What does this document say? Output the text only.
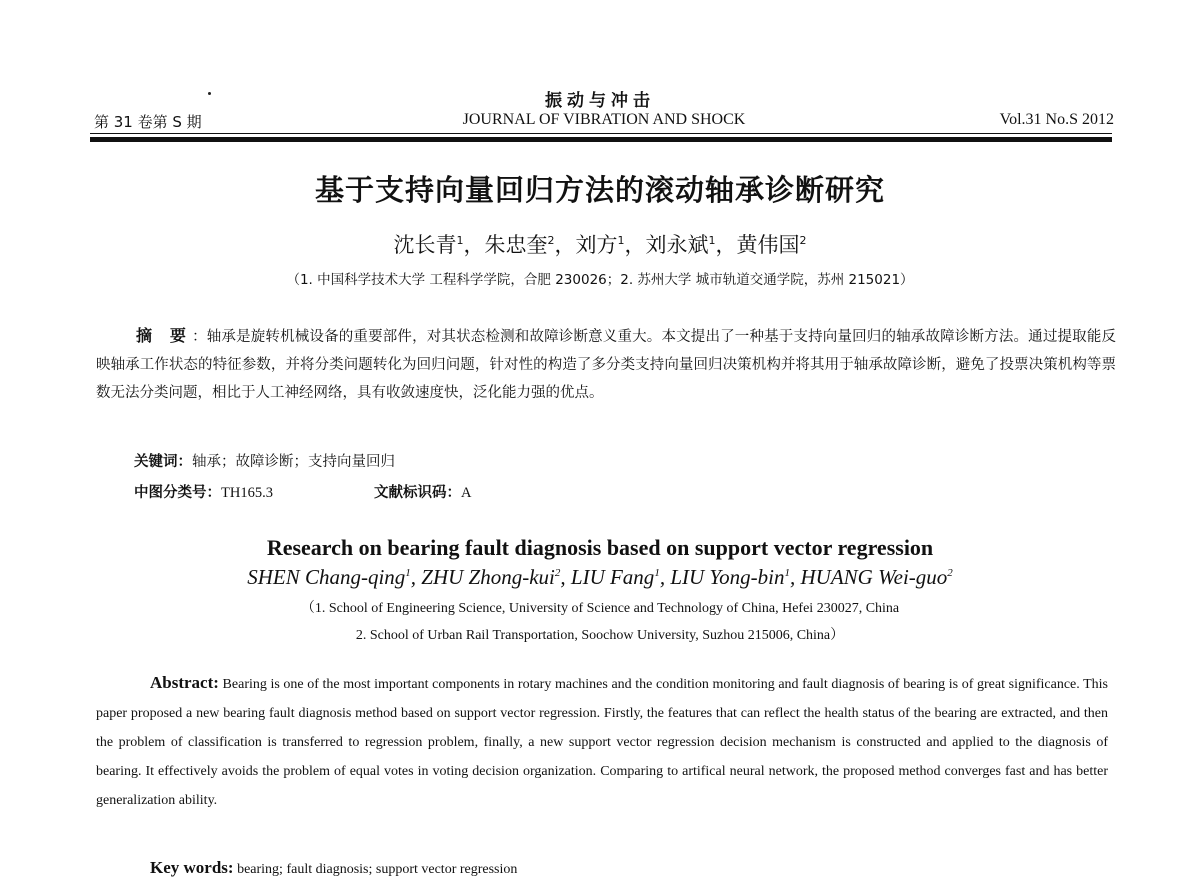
振动与冲击
第 31 卷第 S 期	JOURNAL OF VIBRATION AND SHOCK	Vol.31 No.S 2012
基于支持向量回归方法的滚动轴承诊断研究
沈长青$^1$，朱忠奎$^2$，刘方$^1$，刘永斌$^1$，黄伟国$^2$
（1. 中国科学技术大学 工程科学学院，合肥 230026；2. 苏州大学 城市轨道交通学院，苏州 215021）
摘 要：轴承是旋转机械设备的重要部件，对其状态检测和故障诊断意义重大。本文提出了一种基于支持向量回归的轴承故障诊断方法。通过提取能反映轴承工作状态的特征参数，并将分类问题转化为回归问题，针对性的构造了多分类支持向量回归决策机构并将其用于轴承故障诊断，避免了投票决策机构等票数无法分类问题，相比于人工神经网络，具有收敛速度快，泛化能力强的优点。
关键词：轴承；故障诊断；支持向量回归
中图分类号：TH165.3	文献标识码：A
Research on bearing fault diagnosis based on support vector regression
SHEN Chang-qing$^1$, ZHU Zhong-kui$^2$, LIU Fang$^1$, LIU Yong-bin$^1$, HUANG Wei-guo$^2$
（1. School of Engineering Science, University of Science and Technology of China, Hefei 230027, China
2. School of Urban Rail Transportation, Soochow University, Suzhou 215006, China）
Abstract: Bearing is one of the most important components in rotary machines and the condition monitoring and fault diagnosis of bearing is of great significance. This paper proposed a new bearing fault diagnosis method based on support vector regression. Firstly, the features that can reflect the health status of the bearing are extracted, and then the problem of classification is transferred to regression problem, finally, a new support vector regression decision mechanism is constructed and applied to the diagnosis of bearing. It effectively avoids the problem of equal votes in voting decision organization. Comparing to artifical neural network, the proposed method converges fast and has better generalization ability.
Key words: bearing; fault diagnosis; support vector regression
